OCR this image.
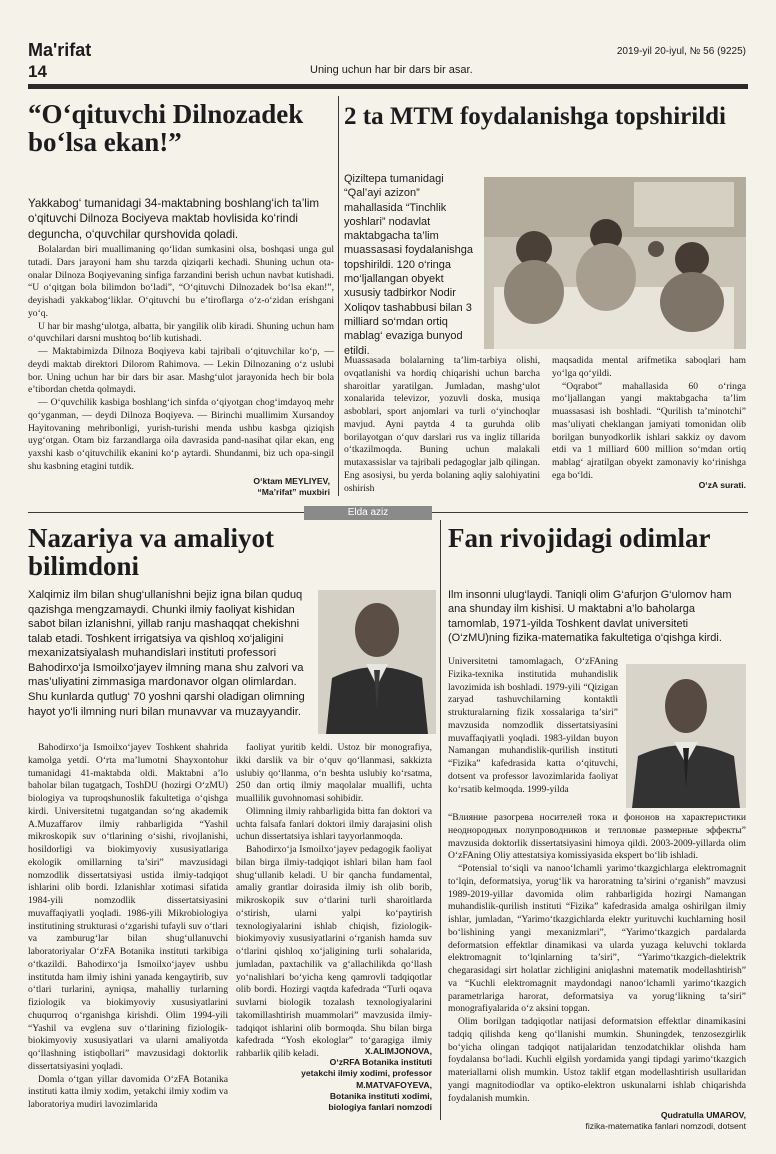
Ma'rifat	2019-yil 20-iyul, № 56 (9225)
14	Uning uchun har bir dars bir asar.
“O‘qituvchi Dilnozadek bo‘lsa ekan!”
Yakkabog‘ tumanidagi 34-maktabning boshlang‘ich ta’lim o‘qituvchi Dilnoza Bociyeva maktab hovlisida ko‘rindi deguncha, o‘quvchilar qurshovida qoladi.

Bolalardan biri muallimaning qo‘lidan sumkasini olsa, boshqasi unga gul tutadi. Dars jarayoni ham shu tarzda qiziqarli kechadi. Shuning uchun ota-onalar Dilnoza Boqiyevaning sinfiga farzandini berish uchun navbat kutishadi. “U o‘qitgan bola bilimdon bo‘ladi”, “O‘qituvchi Dilnozadek bo‘lsa ekan!”, deyishadi yakkabog‘liklar. O‘qituvchi bu e’tiroflarga o‘z-o‘zidan erishgani yo‘q.

U har bir mashg‘ulotga, albatta, bir yangilik olib kiradi. Shuning uchun ham o‘quvchilari darsni mushtoq bo‘lib kutishadi.

— Maktabimizda Dilnoza Boqiyeva kabi tajribali o‘qituvchilar ko‘p, — deydi maktab direktori Dilorom Rahimova. — Lekin Dilnozaning o‘z uslubi bor. Uning uchun har bir dars bir asar. Mashg‘ulot jarayonida hech bir bola e’tibordan chetda qolmaydi.

— O‘quvchilik kasbiga boshlang‘ich sinfda o‘qiyotgan chog‘imdayoq mehr qo‘yganman, — deydi Dilnoza Boqiyeva. — Birinchi muallimim Xursandoy Hayitovaning mehribonligi, yurish-turishi menda ushbu kasbga qiziqish uyg‘otgan. Otam biz farzandlarga oila davrasida pand-nasihat qilar ekan, eng yaxshi kasb o‘qituvchilik ekanini ko‘p aytardi. Shundanmi, biz uch opa-singil shu kasbning etagini tutdik.

O‘ktam MEYLIYEV,
“Ma’rifat” muxbiri
2 ta MTM foydalanishga topshirildi
Qiziltepa tumanidagi “Qal’ayi azizon” mahallasida “Tinchlik yoshlari” nodavlat maktabgacha ta’lim muassasasi foydalanishga topshirildi. 120 o‘ringa mo‘ljallangan obyekt xususiy tadbirkor Nodir Xoliqov tashabbusi bilan 3 milliard so‘mdan ortiq mablag‘ evaziga bunyod etildi.
Muassasada bolalarning ta’lim-tarbiya olishi, ovqatlanishi va hordiq chiqarishi uchun barcha sharoitlar yaratilgan. Jumladan, mashg‘ulot xonalarida televizor, yozuvli doska, musiqa asboblari, sport anjomlari va turli o‘yinchoqlar mavjud. Ayni paytda 4 ta guruhda olib borilayotgan o‘quv darslari rus va ingliz tillarida o‘tkazilmoqda. Buning uchun malakali mutaxassislar va tajribali pedagoglar jalb qilingan. Eng asosiysi, bu yerda bolaning aqliy salohiyatini oshirish
maqsadida mental arifmetika saboqlari ham yo‘lga qo‘yildi.

“Oqrabot” mahallasida 60 o‘ringa mo‘ljallangan yangi maktabgacha ta’lim muassasasi ish boshladi. “Qurilish ta’minotchi” mas’uliyati cheklangan jamiyati tomonidan olib borilgan bunyodkorlik ishlari sakkiz oy davom etdi va 1 milliard 600 million so‘mdan ortiq mablag‘ ajratilgan obyekt zamonaviy ko‘rinishga ega bo‘ldi.

O‘zA surati.
Elda aziz
Nazariya va amaliyot bilimdoni
Xalqimiz ilm bilan shug‘ullanishni bejiz igna bilan quduq qazishga mengzamaydi. Chunki ilmiy faoliyat kishidan sabot bilan izlanishni, yillab ranju mashaqqat chekishni talab etadi. Toshkent irrigatsiya va qishloq xo‘jaligini mexanizatsiyalash muhandislari instituti professori Bahodirxo‘ja Ismoilxo‘jayev ilmning mana shu zalvori va mas’uliyatini zimmasiga mardonavor olgan olimlardan. Shu kunlarda qutlug‘ 70 yoshni qarshi oladigan olimning hayot yo‘li ilmning nuri bilan munavvar va muzayyandir.

Bahodirxo‘ja Ismoilxo‘jayev Toshkent shahrida kamolga yetdi. O‘rta ma’lumotni Shayxontohur tumanidagi 41-maktabda oldi. Maktabni a’lo baholar bilan tugatgach, ToshDU (hozirgi O‘zMU) biologiya va tuproqshunoslik fakultetiga o‘qishga kirdi. Universitetni tugatgandan so‘ng akademik A.Muzaffarov ilmiy rahbarligida “Yashil mikroskopik suv o‘tlarining o‘sishi, rivojlanishi, hosildorligi va biokimyoviy xususiyatlariga ekologik omillarning ta’siri” mavzusidagi nomzodlik dissertatsiyasi ustida ilmiy-tadqiqot ishlarini olib bordi. Izlanishlar xotimasi sifatida 1984-yili nomzodlik dissertatsiyasini muvaffaqiyatli yoqladi. 1986-yili Mikrobiologiya institutining strukturasi o‘zgarishi tufayli suv o‘tlari va zamburug‘lar bilan shug‘ullanuvchi laboratoriyalar O‘zFA Botanika instituti tarkibiga o‘tkazildi. Bahodirxo‘ja Ismoilxo‘jayev ushbu institutda ham ilmiy ishini yanada kengaytirib, suv o‘tlari turlarini, ayniqsa, mahalliy turlarning fiziologik va biokimyoviy xususiyatlarini chuqurroq o‘rganishga kirishdi. Olim 1994-yili “Yashil va evglena suv o‘tlarining fiziologik-biokimyoviy xususiyatlari va ularni amaliyotda qo‘llashning istiqbollari” mavzusidagi doktorlik dissertatsiyasini yoqladi.

Domla o‘tgan yillar davomida O‘zFA Botanika instituti katta ilmiy xodim, yetakchi ilmiy xodim va laboratoriya mudiri lavozimlarida

faoliyat yuritib keldi. Ustoz bir monografiya, ikki darslik va bir o‘quv qo‘llanmasi, sakkizta uslubiy qo‘llanma, o‘n beshta uslubiy ko‘rsatma, 250 dan ortiq ilmiy maqolalar muallifi, uchta muallilik guvohnomasi sohibidir.

Olimning ilmiy rahbarligida bitta fan doktori va uchta falsafa fanlari doktori ilmiy darajasini olish uchun dissertatsiya ishlari tayyorlanmoqda.

Bahodirxo‘ja Ismoilxo‘jayev pedagogik faoliyat bilan birga ilmiy-tadqiqot ishlari bilan ham faol shug‘ullanib keladi. U bir qancha fundamental, amaliy grantlar doirasida ilmiy ish olib borib, mikroskopik suv o‘tlarini turli sharoitlarda o‘stirish, ularni yalpi ko‘paytirish texnologiyalarini ishlab chiqish, fiziologik-biokimyoviy xususiyatlarini o‘rganish hamda suv o‘tlarini qishloq xo‘jaligining turli sohalarida, jumladan, paxtachilik va g‘allachilikda qo‘llash yo‘nalishlari bo‘yicha keng qamrovli tadqiqotlar olib bordi. Hozirgi vaqtda kafedrada “Turli oqava suvlarni biologik tozalash texnologiyalarini takomillashtirish muammolari” mavzusida ilmiy-tadqiqot ishlarini olib bormoqda. Shu bilan birga kafedrada “Yosh ekologlar” to‘garagiga ilmiy rahbarlik qilib keladi.	X.ALIMJONOVA,
O‘zRFA Botanika instituti
yetakchi ilmiy xodimi, professor
M.MATVAFOYEVA,
Botanika instituti xodimi,
biologiya fanlari nomzodi
Fan rivojidagi odimlar
Ilm insonni ulug‘laydi. Taniqli olim G‘afurjon G‘ulomov ham ana shunday ilm kishisi. U maktabni a’lo baholarga tamomlab, 1971-yilda Toshkent davlat universiteti (O‘zMU)ning fizika-matematika fakultetiga o‘qishga kirdi.
Universitetni tamomlagach, O‘zFAning Fizika-texnika institutida muhandislik lavozimida ish boshladi. 1979-yili “Qizigan zaryad tashuvchilarning kontaktli strukturalarning fizik xossalariga ta’siri” mavzusida nomzodlik dissertatsiyasini muvaffaqiyatli yoqladi. 1983-yildan buyon Namangan muhandislik-qurilish instituti “Fizika” kafedrasida katta o‘qituvchi, dotsent va professor lavozimlarida faoliyat ko‘rsatib kelmoqda. 1999-yilda

“Влияние разогрева носителей тока и фононов на характеристики неоднородных полупроводников и тепловые размерные эффекты” mavzusida doktorlik dissertatsiyasini himoya qildi. 2003-2009-yillarda olim O‘zFAning Oliy attestatsiya komissiyasida ekspert bo‘lib ishladi.

“Potensial to‘siqli va nanoo‘lchamli yarimo‘tkazgichlarga elektromagnit to‘lqin, deformatsiya, yorug‘lik va haroratning ta’sirini o‘rganish” mavzusi 1989-2019-yillar davomida olim rahbarligida hozirgi Namangan muhandislik-qurilish instituti “Fizika” kafedrasida amalga oshirilgan ilmiy ishlar, jumladan, “Yarimo‘tkazgichlarda elektr yurituvchi kuchlarning hosil bo‘lishining yangi mexanizmlari”, “Yarimo‘tkazgich pardalarda deformatsion effektlar dinamikasi va ularda yuzaga keluvchi toklarda elektromagnit to‘lqinlarning ta’siri”, “Yarimo‘tkazgich-dielektrik chegarasidagi sirt holatlar zichligini aniqlashni matematik modellashtirish” va “Kuchli elektromagnit maydondagi nanoo‘lchamli yarimo‘tkazgich parametrlariga harorat, deformatsiya va yorug‘likning ta’siri” monografiyalarida o‘z aksini topgan.

Olim borilgan tadqiqotlar natijasi deformatsion effektlar dinamikasini tadqiq qilishda keng qo‘llanishi mumkin. Shuningdek, tenzosezgirlik bo‘yicha olingan tadqiqot natijalaridan tenzodatchiklar olishda ham foydalansa bo‘ladi. Kuchli elgilsh yordamida yangi tipdagi yarimo‘tkazgich materiallarni olish mumkin. Ustoz taklif etgan modellashtirish usullaridan yangi magnitodiodlar va optiko-elektron uskunalarni ishlab chiqarishda foydalanish mumkin.

Qudratulla UMAROV,
fizika-matematika fanlari nomzodi, dotsent
